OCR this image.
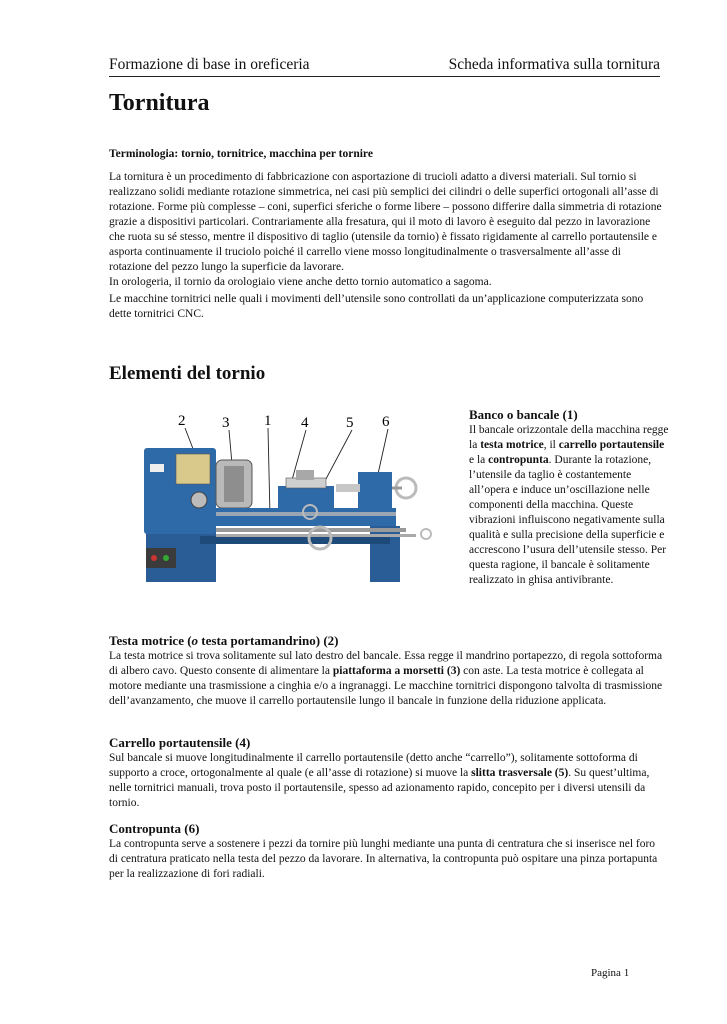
Formazione di base in oreficeria	Scheda informativa sulla tornitura
Tornitura
Terminologia: tornio, tornitrice, macchina per tornire

La tornitura è un procedimento di fabbricazione con asportazione di trucioli adatto a diversi materiali. Sul tornio si realizzano solidi mediante rotazione simmetrica, nei casi più semplici dei cilindri o delle superfici ortogonali all’asse di rotazione. Forme più complesse – coni, superfici sferiche o forme libere – possono differire dalla simmetria di rotazione grazie a dispositivi particolari. Contrariamente alla fresatura, qui il moto di lavoro è eseguito dal pezzo in lavorazione che ruota su sé stesso, mentre il dispositivo di taglio (utensile da tornio) è fissato rigidamente al carrello portautensile e asporta continuamente il truciolo poiché il carrello viene mosso longitudinalmente o trasversalmente all’asse di rotazione del pezzo lungo la superficie da lavorare.

In orologeria, il tornio da orologiaio viene anche detto tornio automatico a sagoma.

Le macchine tornitrici nelle quali i movimenti dell’utensile sono controllati da un’applicazione computerizzata sono dette tornitrici CNC.

Elementi del tornio
2 3 1 4	5 6	Banco o bancale (1)
Il bancale orizzontale della macchina regge la testa motrice, il carrello portautensile e la contropunta. Durante la rotazione, l’utensile da taglio è costantemente all’opera e induce un’oscillazione nelle componenti della macchina. Queste vibrazioni influiscono negativamente sulla qualità e sulla precisione della superficie e accrescono l’usura dell’utensile stesso. Per questa ragione, il bancale è solitamente realizzato in ghisa antivibrante.
Testa motrice (o testa portamandrino) (2)

La testa motrice si trova solitamente sul lato destro del bancale. Essa regge il mandrino portapezzo, di regola sottoforma di albero cavo. Questo consente di alimentare la piattaforma a morsetti (3) con aste. La testa motrice è collegata al motore mediante una trasmissione a cinghia e/o a ingranaggi. Le macchine tornitrici dispongono talvolta di trasmissione dell’avanzamento, che muove il carrello portautensile lungo il bancale in funzione della riduzione applicata.

Carrello portautensile (4)

Sul bancale si muove longitudinalmente il carrello portautensile (detto anche “carrello”), solitamente sottoforma di supporto a croce, ortogonalmente al quale (e all’asse di rotazione) si muove la slitta trasversale (5). Su quest’ultima, nelle tornitrici manuali, trova posto il portautensile, spesso ad azionamento rapido, concepito per i diversi utensili da tornio.

Contropunta (6)

La contropunta serve a sostenere i pezzi da tornire più lunghi mediante una punta di centratura che si inserisce nel foro di centratura praticato nella testa del pezzo da lavorare. In alternativa, la contropunta può ospitare una pinza portapunta per la realizzazione di fori radiali.

Pagina 1
